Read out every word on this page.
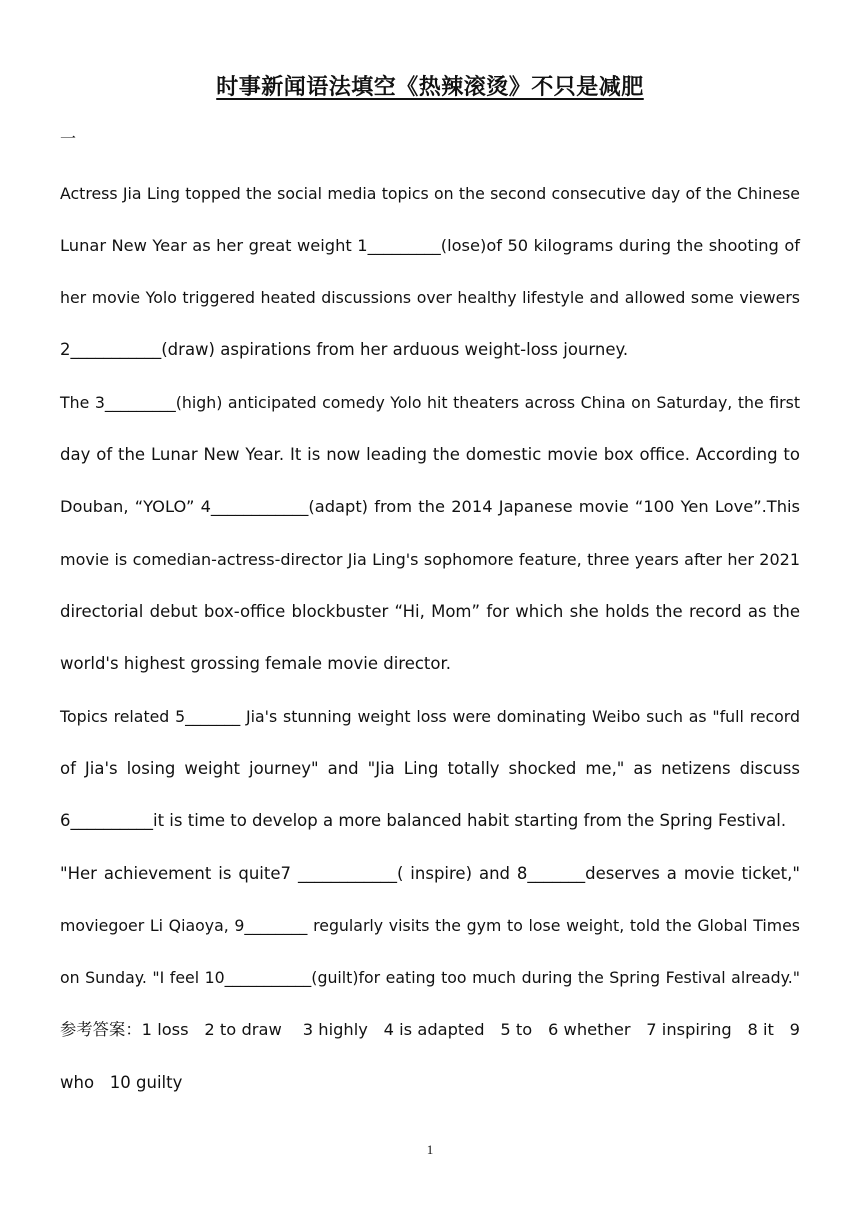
时事新闻语法填空《热辣滚烫》不只是减肥
一
Actress Jia Ling topped the social media topics on the second consecutive day of the Chinese
Lunar New Year as her great weight 1_________(lose)of 50 kilograms during the shooting of
her movie Yolo triggered heated discussions over healthy lifestyle and allowed some viewers
2___________(draw) aspirations from her arduous weight-loss journey.
The 3_________(high) anticipated comedy Yolo hit theaters across China on Saturday, the first
day of the Lunar New Year. It is now leading the domestic movie box office. According to
Douban, “YOLO” 4____________(adapt) from the 2014 Japanese movie “100 Yen Love”.This
movie is comedian-actress-director Jia Ling's sophomore feature, three years after her 2021
directorial debut box-office blockbuster “Hi, Mom” for which she holds the record as the
world's highest grossing female movie director.
Topics related 5_______ Jia's stunning weight loss were dominating Weibo such as "full record
of Jia's losing weight journey" and "Jia Ling totally shocked me," as netizens discuss
6__________it is time to develop a more balanced habit starting from the Spring Festival.
"Her achievement is quite7 ____________( inspire) and 8_______deserves a movie ticket,"
moviegoer Li Qiaoya, 9________ regularly visits the gym to lose weight, told the Global Times
on Sunday. "I feel 10___________(guilt)for eating too much during the Spring Festival already."
参考答案：1 loss   2 to draw    3 highly   4 is adapted   5 to   6 whether   7 inspiring   8 it   9
who   10 guilty
1
